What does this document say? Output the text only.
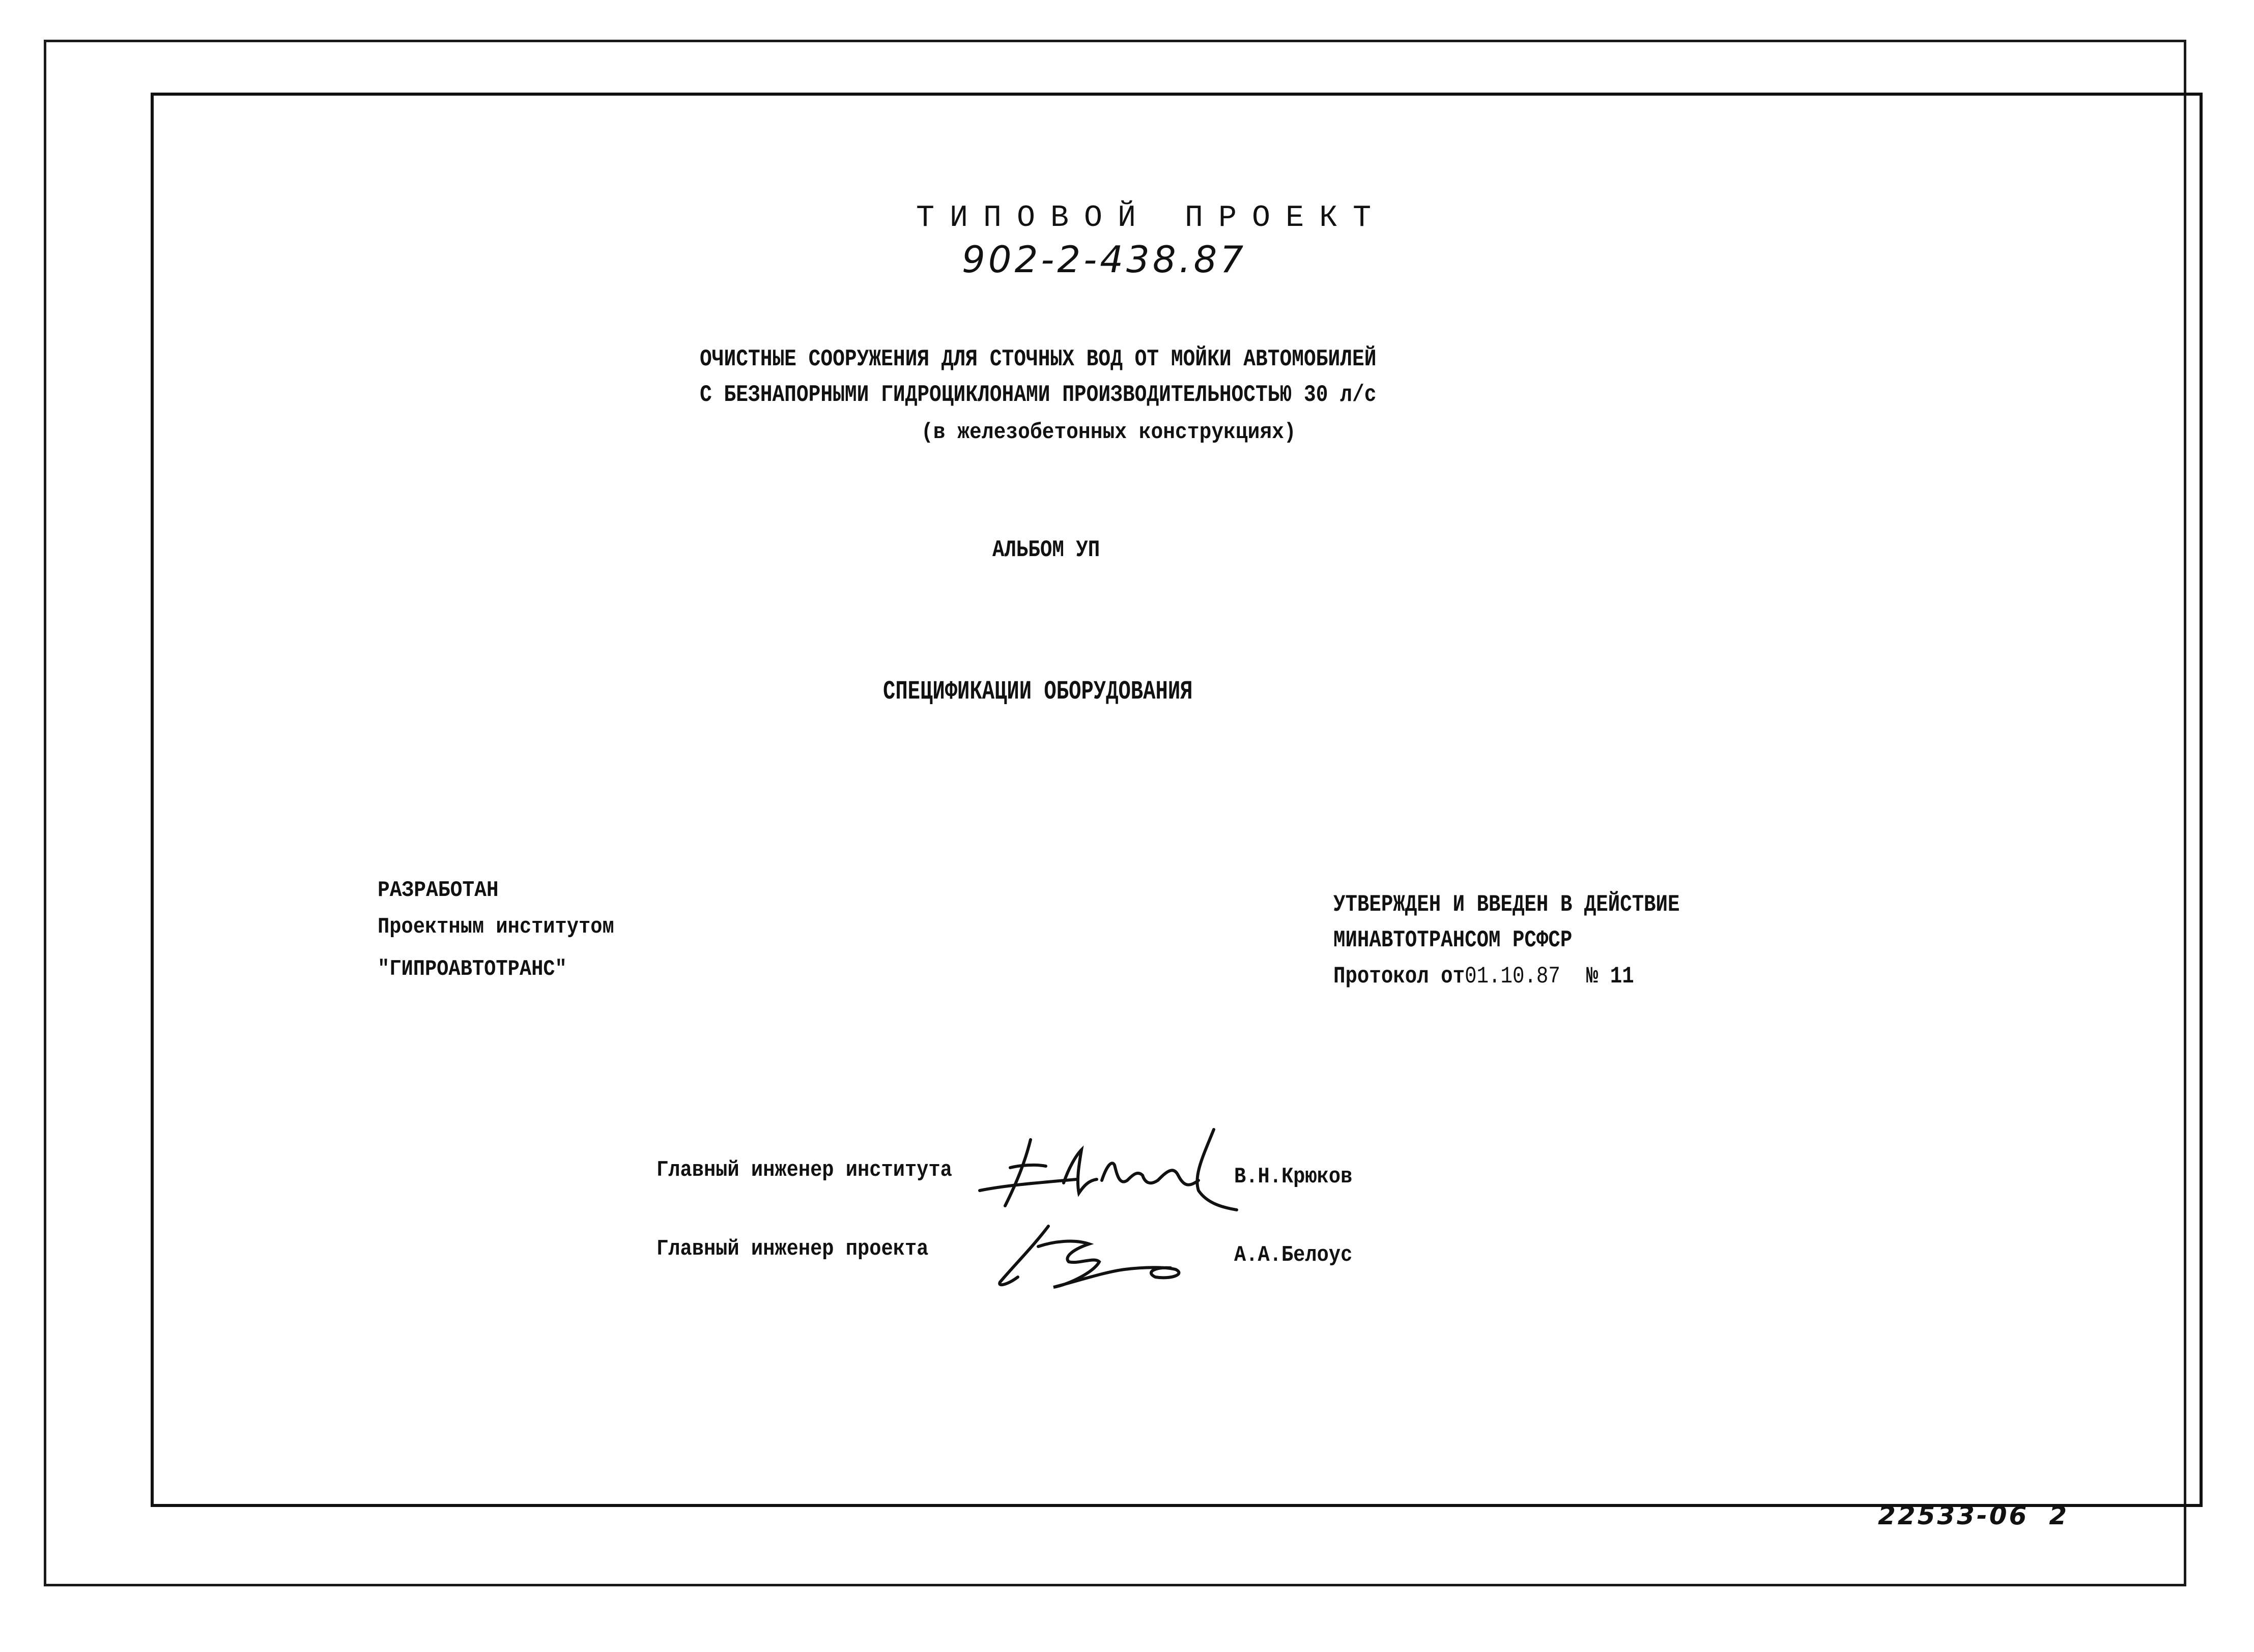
ТИПОВОЙ ПРОЕКТ
902-2-438.87
ОЧИСТНЫЕ СООРУЖЕНИЯ ДЛЯ СТОЧНЫХ ВОД ОТ МОЙКИ АВТОМОБИЛЕЙ
С БЕЗНАПОРНЫМИ ГИДРОЦИКЛОНАМИ ПРОИЗВОДИТЕЛЬНОСТЬЮ 30 л/с
(в железобетонных конструкциях)
АЛЬБОМ УП
СПЕЦИФИКАЦИИ ОБОРУДОВАНИЯ
РАЗРАБОТАН
Проектным институтом
"ГИПРОАВТОТРАНС"
УТВЕРЖДЕН И ВВЕДЕН В ДЕЙСТВИЕ
МИНАВТОТРАНСОМ РСФСР
Протокол от01.10.87 № 11
Главный инженер института	В.Н.Крюков
Главный инженер проекта	А.А.Белоус
22533-06 2
